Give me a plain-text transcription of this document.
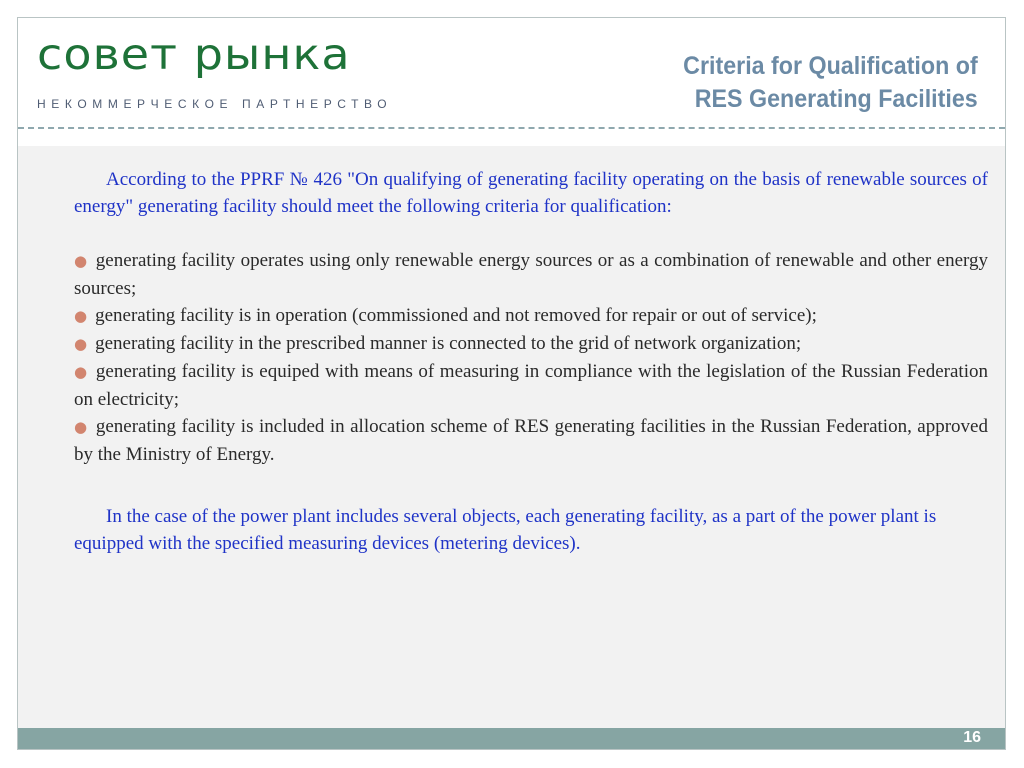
совет рынка
НЕКОММЕРЧЕСКОЕ ПАРТНЕРСТВО
Criteria for Qualification of
RES Generating Facilities

According to the PPRF № 426 "On qualifying of generating facility operating on the basis of renewable sources of energy" generating facility should meet the following criteria for qualification:

● generating facility operates using only renewable energy sources or as a combination of renewable and other energy sources;

● generating facility is in operation (commissioned and not removed for repair or out of service);

● generating facility in the prescribed manner is connected to the grid of network organization;

● generating facility is equiped with means of measuring in compliance with the legislation of the Russian Federation on electricity;

● generating facility is included in allocation scheme of RES generating facilities in the Russian Federation, approved by the Ministry of Energy.

In the case of the power plant includes several objects, each generating facility, as a part of the power plant is equipped with the specified measuring devices (metering devices).

16
